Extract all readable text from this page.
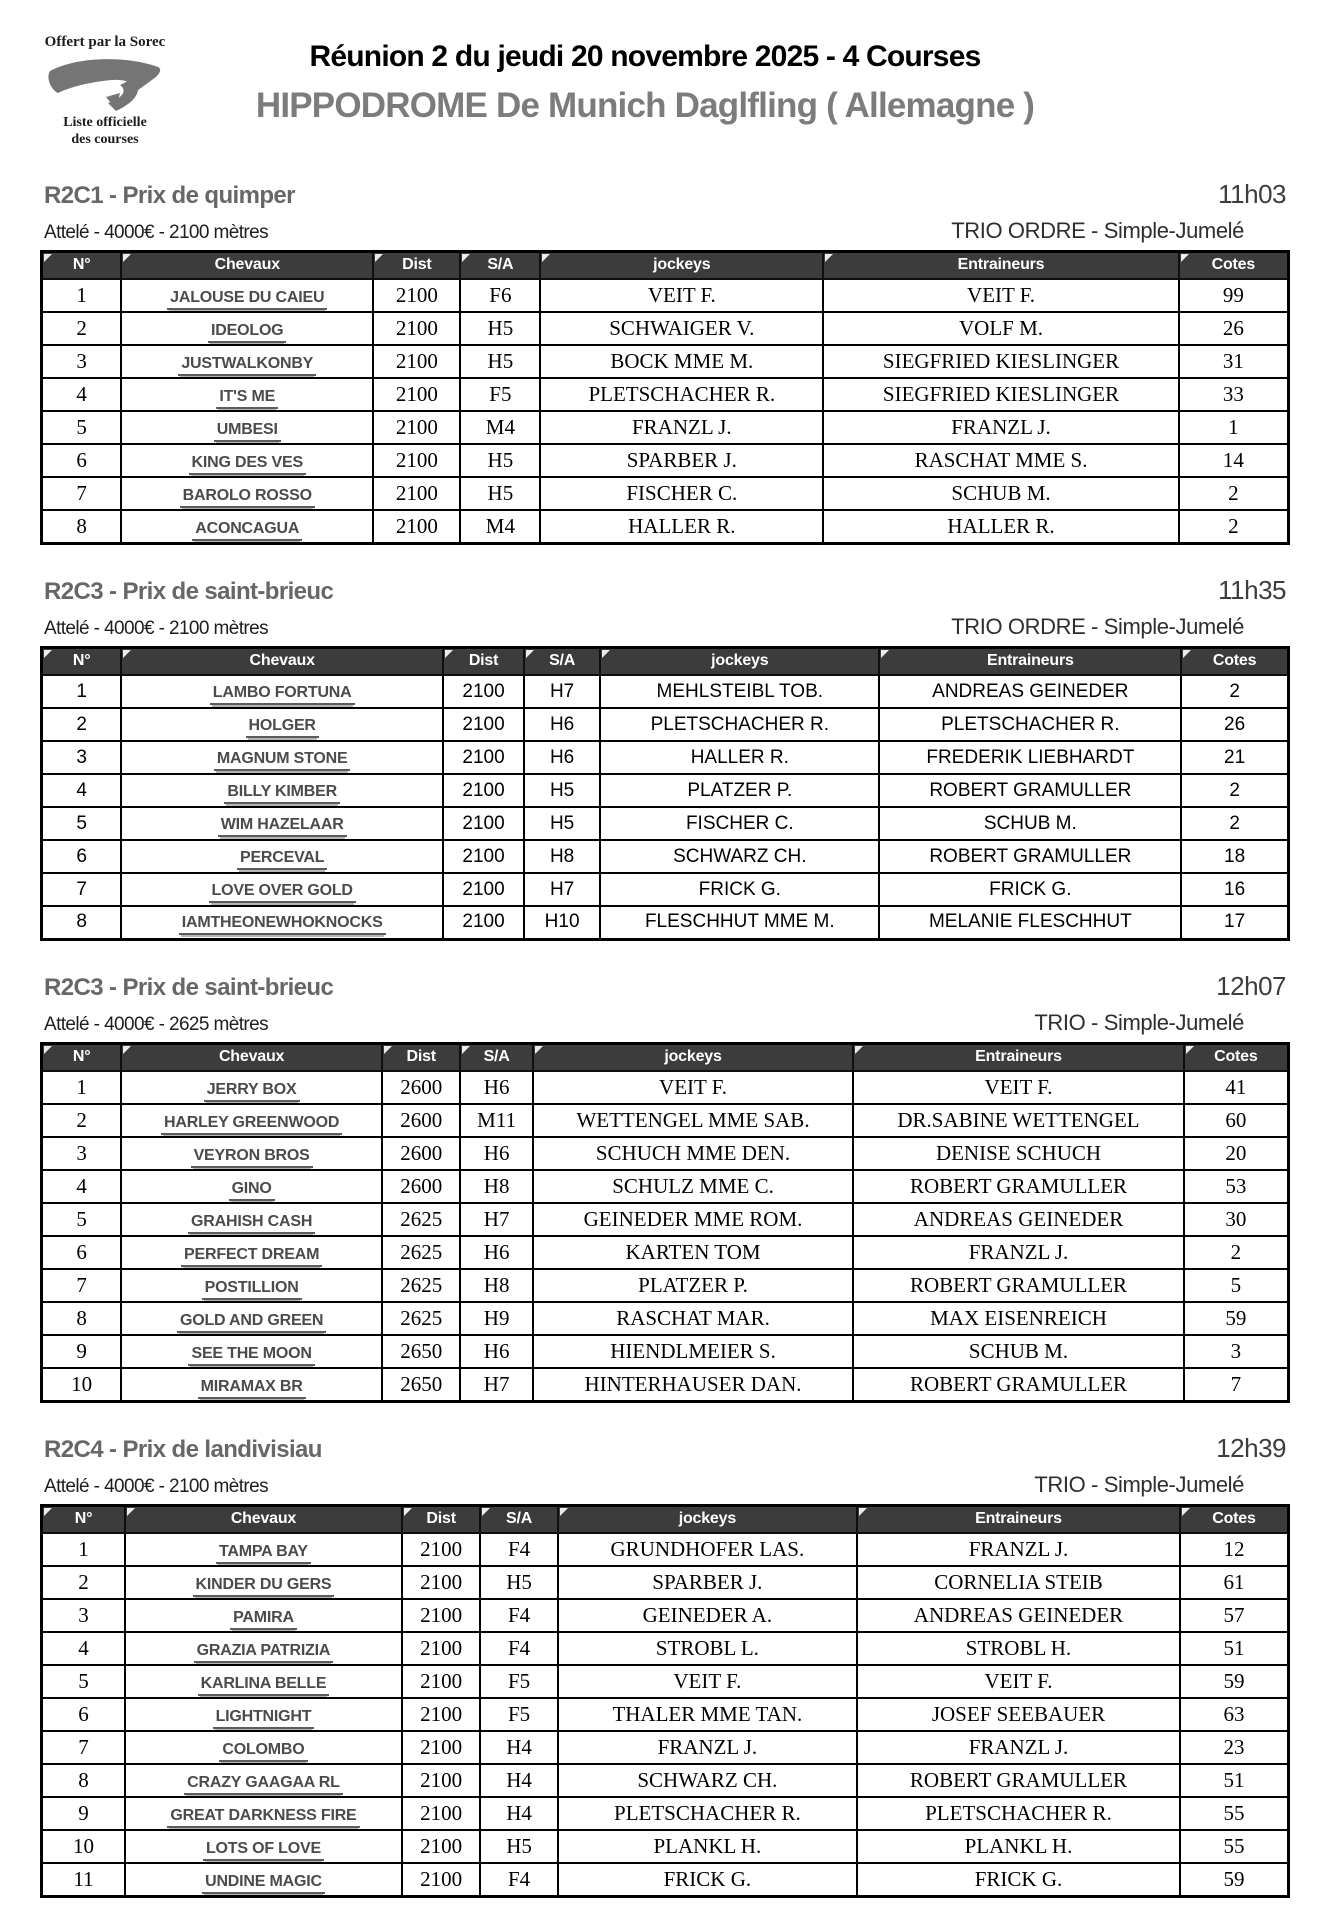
Offert par la Sorec
Liste officielle
des courses
Réunion 2 du jeudi 20 novembre 2025 - 4 Courses
HIPPODROME De Munich Daglfling ( Allemagne )
R2C1 - Prix de quimper	11h03
Attelé - 4000€ - 2100 mètres	TRIO ORDRE - Simple-Jumelé
N°	Chevaux	Dist	S/A	jockeys	Entraineurs	Cotes
1	JALOUSE DU CAIEU	2100	F6	VEIT F.	VEIT F.	99
2	IDEOLOG	2100	H5	SCHWAIGER V.	VOLF M.	26
3	JUSTWALKONBY	2100	H5	BOCK MME M.	SIEGFRIED KIESLINGER	31
4	IT'S ME	2100	F5	PLETSCHACHER R.	SIEGFRIED KIESLINGER	33
5	UMBESI	2100	M4	FRANZL J.	FRANZL J.	1
6	KING DES VES	2100	H5	SPARBER J.	RASCHAT MME S.	14
7	BAROLO ROSSO	2100	H5	FISCHER C.	SCHUB M.	2
8	ACONCAGUA	2100	M4	HALLER R.	HALLER R.	2
R2C3 - Prix de saint-brieuc	11h35
Attelé - 4000€ - 2100 mètres	TRIO ORDRE - Simple-Jumelé
N°	Chevaux	Dist	S/A	jockeys	Entraineurs	Cotes
1	LAMBO FORTUNA	2100	H7	MEHLSTEIBL TOB.	ANDREAS GEINEDER	2
2	HOLGER	2100	H6	PLETSCHACHER R.	PLETSCHACHER R.	26
3	MAGNUM STONE	2100	H6	HALLER R.	FREDERIK LIEBHARDT	21
4	BILLY KIMBER	2100	H5	PLATZER P.	ROBERT GRAMULLER	2
5	WIM HAZELAAR	2100	H5	FISCHER C.	SCHUB M.	2
6	PERCEVAL	2100	H8	SCHWARZ CH.	ROBERT GRAMULLER	18
7	LOVE OVER GOLD	2100	H7	FRICK G.	FRICK G.	16
8	IAMTHEONEWHOKNOCKS	2100	H10	FLESCHHUT MME M.	MELANIE FLESCHHUT	17
R2C3 - Prix de saint-brieuc	12h07
Attelé - 4000€ - 2625 mètres	TRIO - Simple-Jumelé
N°	Chevaux	Dist	S/A	jockeys	Entraineurs	Cotes
1	JERRY BOX	2600	H6	VEIT F.	VEIT F.	41
2	HARLEY GREENWOOD	2600	M11	WETTENGEL MME SAB.	DR.SABINE WETTENGEL	60
3	VEYRON BROS	2600	H6	SCHUCH MME DEN.	DENISE SCHUCH	20
4	GINO	2600	H8	SCHULZ MME C.	ROBERT GRAMULLER	53
5	GRAHISH CASH	2625	H7	GEINEDER MME ROM.	ANDREAS GEINEDER	30
6	PERFECT DREAM	2625	H6	KARTEN TOM	FRANZL J.	2
7	POSTILLION	2625	H8	PLATZER P.	ROBERT GRAMULLER	5
8	GOLD AND GREEN	2625	H9	RASCHAT MAR.	MAX EISENREICH	59
9	SEE THE MOON	2650	H6	HIENDLMEIER S.	SCHUB M.	3
10	MIRAMAX BR	2650	H7	HINTERHAUSER DAN.	ROBERT GRAMULLER	7
R2C4 - Prix de landivisiau	12h39
Attelé - 4000€ - 2100 mètres	TRIO - Simple-Jumelé
N°	Chevaux	Dist	S/A	jockeys	Entraineurs	Cotes
1	TAMPA BAY	2100	F4	GRUNDHOFER LAS.	FRANZL J.	12
2	KINDER DU GERS	2100	H5	SPARBER J.	CORNELIA STEIB	61
3	PAMIRA	2100	F4	GEINEDER A.	ANDREAS GEINEDER	57
4	GRAZIA PATRIZIA	2100	F4	STROBL L.	STROBL H.	51
5	KARLINA BELLE	2100	F5	VEIT F.	VEIT F.	59
6	LIGHTNIGHT	2100	F5	THALER MME TAN.	JOSEF SEEBAUER	63
7	COLOMBO	2100	H4	FRANZL J.	FRANZL J.	23
8	CRAZY GAAGAA RL	2100	H4	SCHWARZ CH.	ROBERT GRAMULLER	51
9	GREAT DARKNESS FIRE	2100	H4	PLETSCHACHER R.	PLETSCHACHER R.	55
10	LOTS OF LOVE	2100	H5	PLANKL H.	PLANKL H.	55
11	UNDINE MAGIC	2100	F4	FRICK G.	FRICK G.	59
